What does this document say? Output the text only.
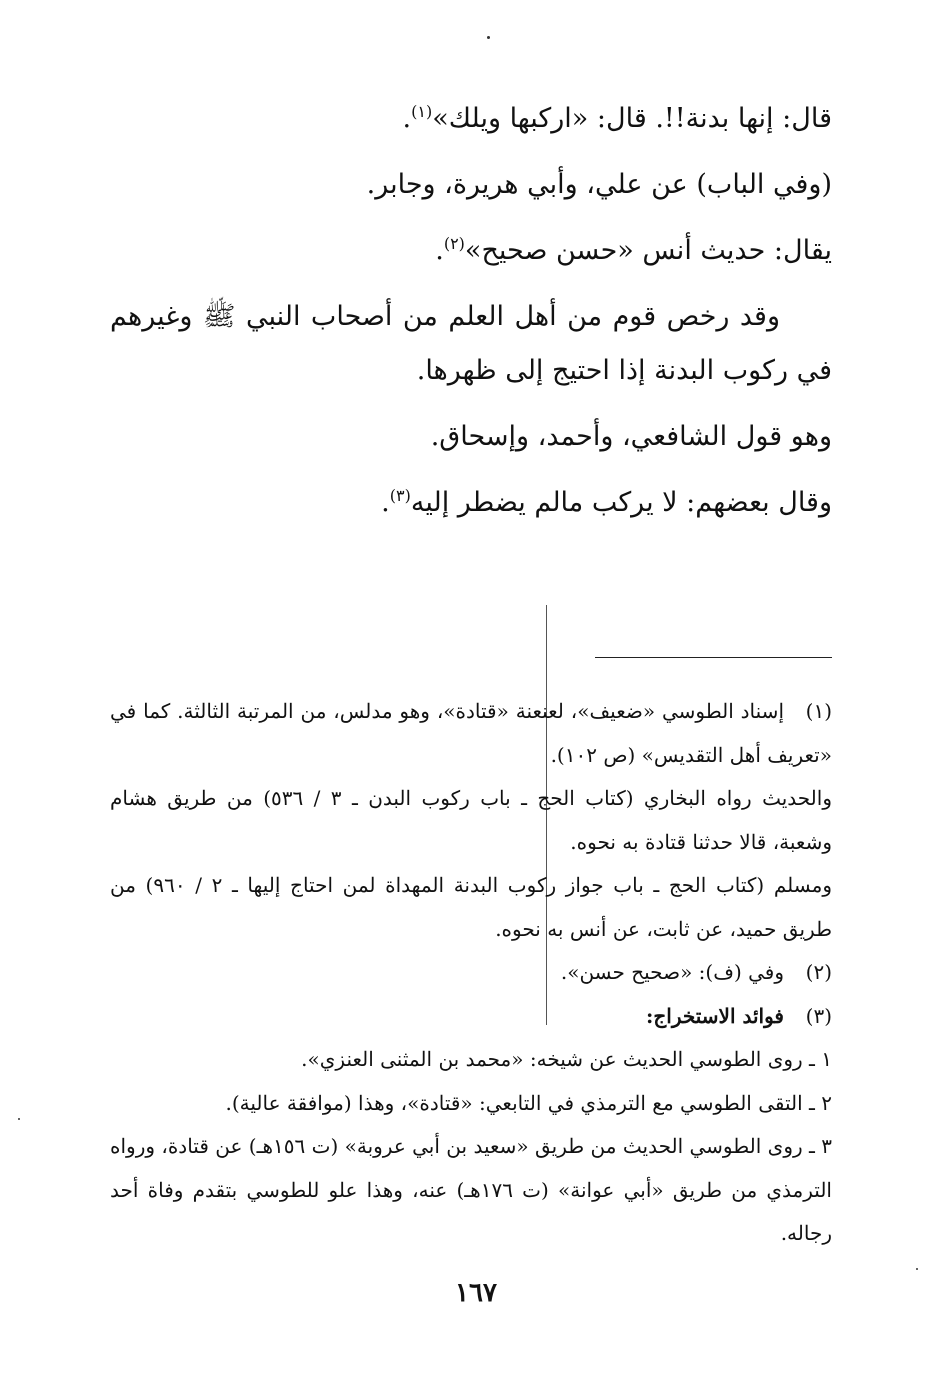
قال: إنها بدنة!!. قال: «اركبها ويلك»$^{(١)}$.

(وفي الباب) عن علي، وأبي هريرة، وجابر.

يقال: حديث أنس «حسن صحيح»$^{(٢)}$.

وقد رخص قوم من أهل العلم من أصحاب النبي ﷺ وغيرهم في ركوب البدنة إذا احتيج إلى ظهرها.

وهو قول الشافعي، وأحمد، وإسحاق.

وقال بعضهم: لا يركب مالم يضطر إليه$^{(٣)}$.

(١)إسناد الطوسي «ضعيف»، لعنعنة «قتادة»، وهو مدلس، من المرتبة الثالثة. كما في «تعريف أهل التقديس» (ص ١٠٢).

والحديث رواه البخاري (كتاب الحج ـ باب ركوب البدن ـ ٣ / ٥٣٦) من طريق هشام وشعبة، قالا حدثنا قتادة به نحوه.

ومسلم (كتاب الحج ـ باب جواز ركوب البدنة المهداة لمن احتاج إليها ـ ٢ / ٩٦٠) من طريق حميد، عن ثابت، عن أنس به نحوه.

(٢)وفي (ف): «صحيح حسن».

(٣)فوائد الاستخراج:

١ ـ روى الطوسي الحديث عن شيخه: «محمد بن المثنى العنزي».

٢ ـ التقى الطوسي مع الترمذي في التابعي: «قتادة»، وهذا (موافقة عالية).

٣ ـ روى الطوسي الحديث من طريق «سعيد بن أبي عروبة» (ت ١٥٦هـ) عن قتادة، ورواه الترمذي من طريق «أبي عوانة» (ت ١٧٦هـ) عنه، وهذا علو للطوسي بتقدم وفاة أحد رجاله.

١٦٧
